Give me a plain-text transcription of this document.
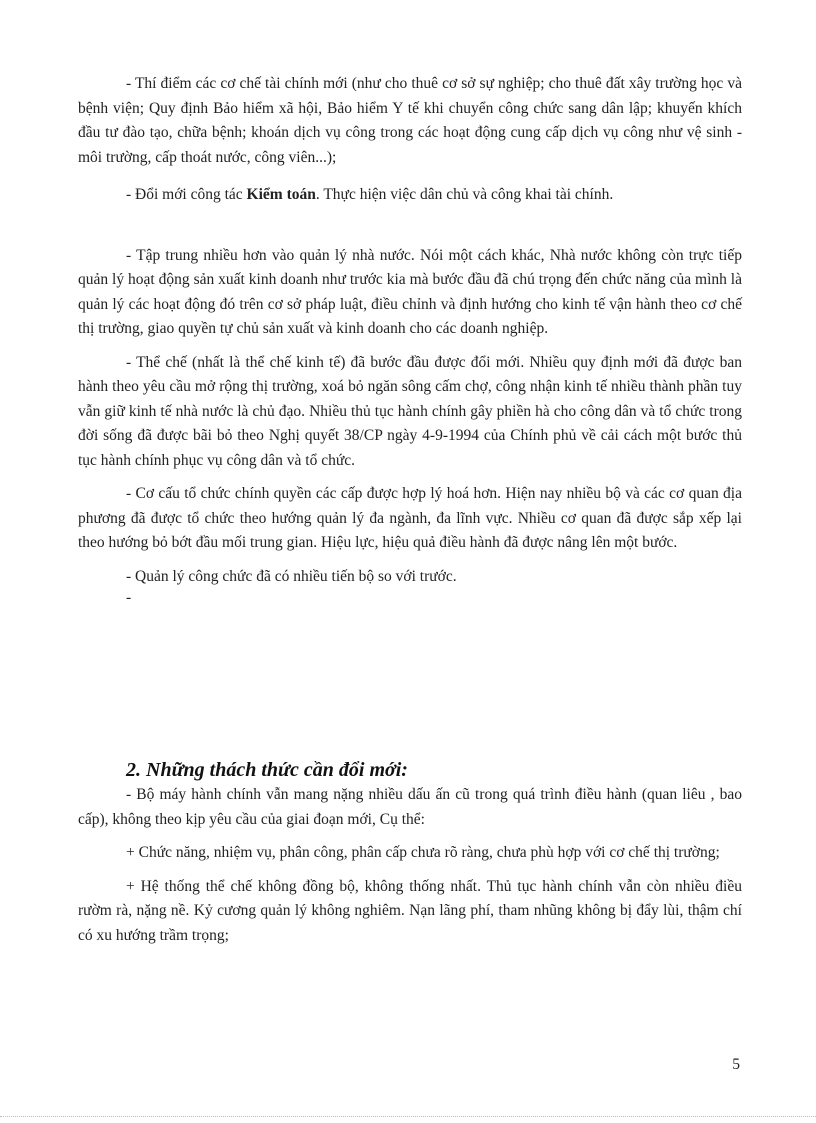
- Thí điểm các cơ chế tài chính mới (như cho thuê cơ sở sự nghiệp; cho thuê đất xây trường học và bệnh viện; Quy định Bảo hiểm xã hội, Bảo hiểm Y tế khi chuyển công chức sang dân lập; khuyến khích đầu tư đào tạo, chữa bệnh; khoán dịch vụ công trong các hoạt động cung cấp dịch vụ công như vệ sinh - môi trường, cấp thoát nước, công viên...);

- Đổi mới công tác Kiểm toán. Thực hiện việc dân chủ và công khai tài chính.

- Tập trung nhiều hơn vào quản lý nhà nước. Nói một cách khác, Nhà nước không còn trực tiếp quản lý hoạt động sản xuất kinh doanh như trước kia mà bước đầu đã chú trọng đến chức năng của mình là quản lý các hoạt động đó trên cơ sở pháp luật, điều chỉnh và định hướng cho kinh tế vận hành theo cơ chế thị trường, giao quyền tự chủ sản xuất và kinh doanh cho các doanh nghiệp.

- Thể chế (nhất là thể chế kinh tế) đã bước đầu được đổi mới. Nhiều quy định mới đã được ban hành theo yêu cầu mở rộng thị trường, xoá bỏ ngăn sông cấm chợ, công nhận kinh tế nhiều thành phần tuy vẫn giữ kinh tế nhà nước là chủ đạo. Nhiều thủ tục hành chính gây phiền hà cho công dân và tổ chức trong đời sống đã được bãi bỏ theo Nghị quyết 38/CP ngày 4-9-1994 của Chính phủ về cải cách một bước thủ tục hành chính phục vụ công dân và tổ chức.

- Cơ cấu tổ chức chính quyền các cấp được hợp lý hoá hơn. Hiện nay nhiều bộ và các cơ quan địa phương đã được tổ chức theo hướng quản lý đa ngành, đa lĩnh vực. Nhiều cơ quan đã được sắp xếp lại theo hướng bỏ bớt đầu mối trung gian. Hiệu lực, hiệu quả điều hành đã được nâng lên một bước.

- Quản lý công chức đã có nhiều tiến bộ so với trước.

-
2. Những thách thức cần đổi mới:

- Bộ máy hành chính vẫn mang nặng nhiều dấu ấn cũ trong quá trình điều hành (quan liêu , bao cấp), không theo kịp yêu cầu của giai đoạn mới, Cụ thể:

+ Chức năng, nhiệm vụ, phân công, phân cấp chưa rõ ràng, chưa phù hợp với cơ chế thị trường;

+ Hệ thống thể chế không đồng bộ, không thống nhất. Thủ tục hành chính vẫn còn nhiều điều rườm rà, nặng nề. Kỷ cương quản lý không nghiêm. Nạn lãng phí, tham nhũng không bị đẩy lùi, thậm chí có xu hướng trầm trọng;

5
